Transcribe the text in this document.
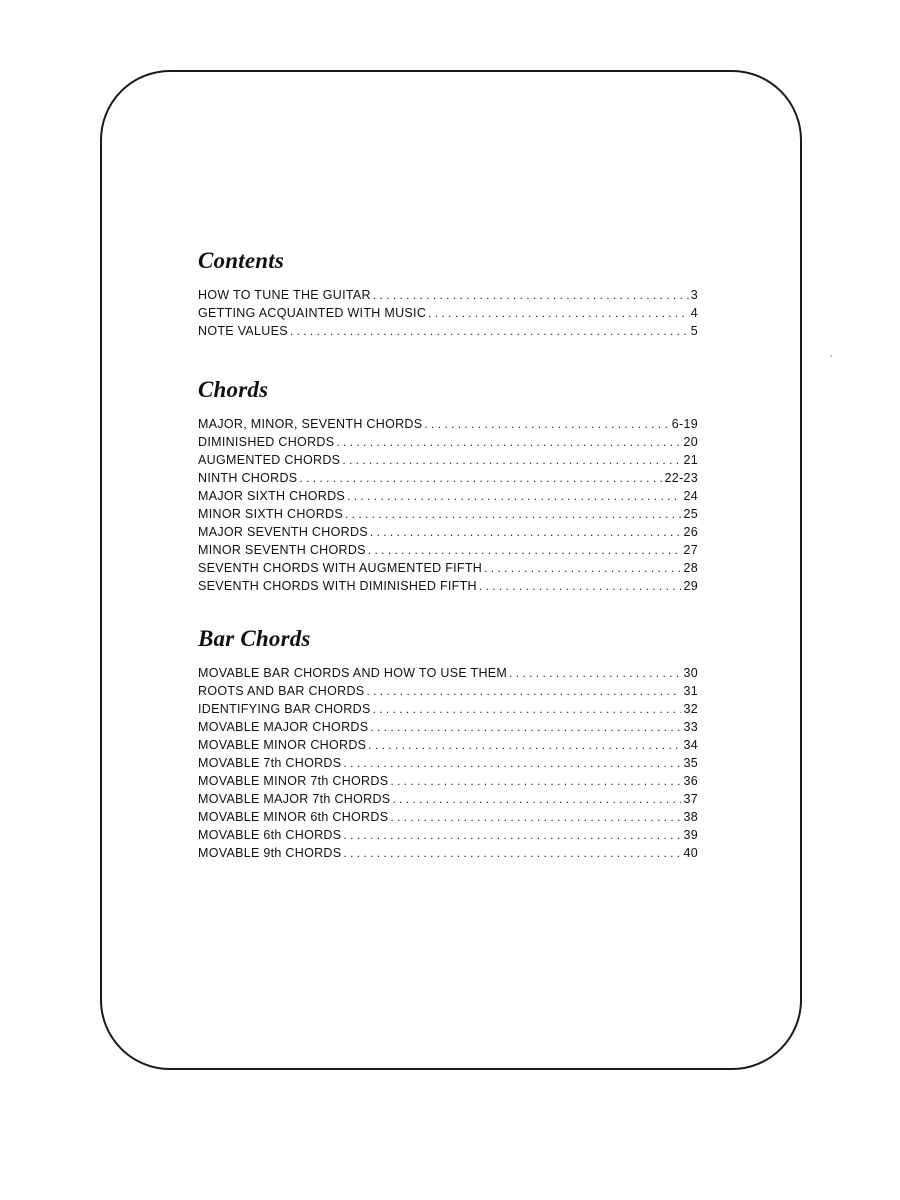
Contents
HOW TO TUNE THE GUITAR . . .	3
GETTING ACQUAINTED WITH MUSIC . . .	4
NOTE VALUES . . .	5
Chords
MAJOR, MINOR, SEVENTH CHORDS . . .	6-19
DIMINISHED CHORDS . . .	20
AUGMENTED CHORDS . . .	21
NINTH CHORDS . . .	22-23
MAJOR SIXTH CHORDS . . .	24
MINOR SIXTH CHORDS . . .	25
MAJOR SEVENTH CHORDS . . .	26
MINOR SEVENTH CHORDS . . .	27
SEVENTH CHORDS WITH AUGMENTED FIFTH . . .	28
SEVENTH CHORDS WITH DIMINISHED FIFTH . . .	29
Bar Chords
MOVABLE BAR CHORDS AND HOW TO USE THEM . . .	30
ROOTS AND BAR CHORDS . . .	31
IDENTIFYING BAR CHORDS . . .	32
MOVABLE MAJOR CHORDS . . .	33
MOVABLE MINOR CHORDS . . .	34
MOVABLE 7th CHORDS . . .	35
MOVABLE MINOR 7th CHORDS . . .	36
MOVABLE MAJOR 7th CHORDS . . .	37
MOVABLE MINOR 6th CHORDS . . .	38
MOVABLE 6th CHORDS . . .	39
MOVABLE 9th CHORDS . . .	40
